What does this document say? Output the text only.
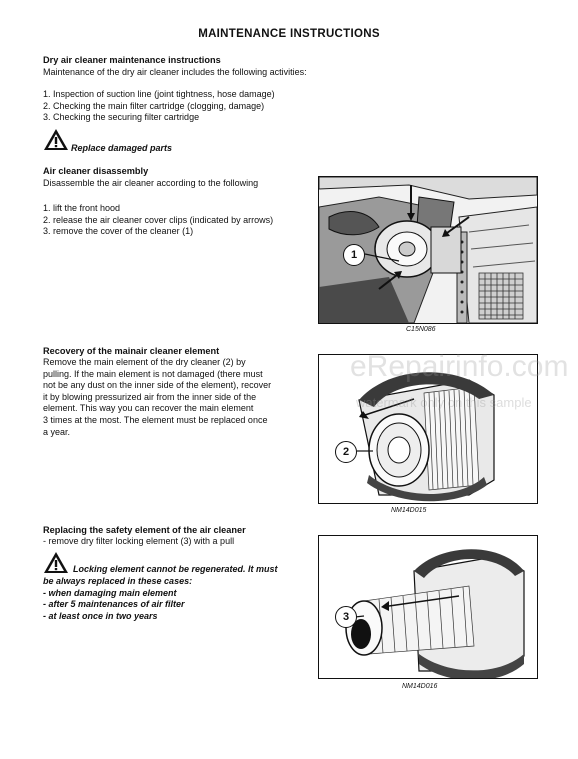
MAINTENANCE INSTRUCTIONS
Dry air cleaner maintenance instructions
Maintenance of the dry air cleaner includes the following activities:
1. Inspection of suction line (joint tightness, hose damage)
2. Checking the main filter cartridge (clogging, damage)
3. Checking the securing filter cartridge
Replace damaged parts
Air cleaner disassembly
Disassemble the air cleaner according to the following
1. lift the front hood
2. release the air cleaner cover clips (indicated by arrows)
3. remove the cover of the cleaner (1)
1
C15N086
Recovery of the mainair cleaner element
Remove the main element of the dry cleaner (2) by
pulling. If the main element is not damaged (there must
not be any dust on the inner side of the element), recover
it by blowing pressurized air from the inner side of the
element. This way you can recover the main element
3 times at the most. The element must be replaced once
a year.
2
NM14D015
Replacing the safety element of the air cleaner
- remove dry filter locking element (3) with a pull
Locking element cannot be regenerated. It must
be always replaced in these cases:
- when damaging main element
- after 5 maintenances of air filter
- at least once in two years	3
NM14D016
eRepairinfo.com
watermark only on this sample
